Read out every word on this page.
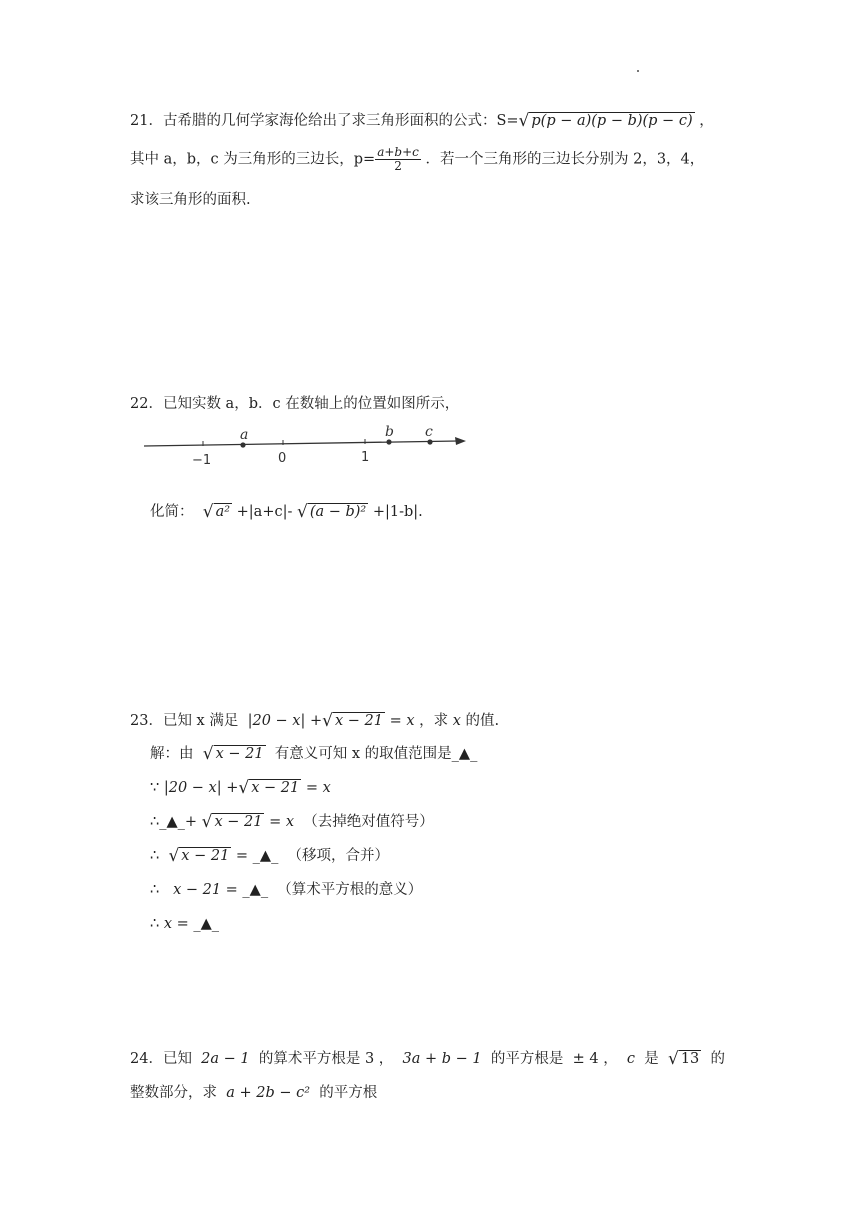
21．古希腊的几何学家海伦给出了求三角形面积的公式：S=√ p(p − a)(p − b)(p − c) ，
其中 a，b，c 为三角形的三边长，$p= \frac{a+b+c}{2}$ ．若一个三角形的三边长分别为 2，3，4，
求该三角形的面积.
22．已知实数 a，b．c 在数轴上的位置如图所示，
−1	0	1
a	b c
化简： √ a² +|a+c|- √ (a − b)² +|1-b|.
23．已知 x 满足 |20 − x| +√ x − 21 = x ，求 x 的值.
解：由 √ x − 21 有意义可知 x 的取值范围是_▲_
∵ |20 − x| +√ x − 21 = x
∴_▲_+ √ x − 21 = x （去掉绝对值符号）
∴ √ x − 21 = _▲_ （移项，合并）
∴ x − 21 = _▲_ （算术平方根的意义）
∴ x = _▲_
24．已知 2a − 1 的算术平方根是 3 ， 3a + b − 1 的平方根是 ± 4 ， c 是 √ 13 的
整数部分，求 a + 2b − c² 的平方根
